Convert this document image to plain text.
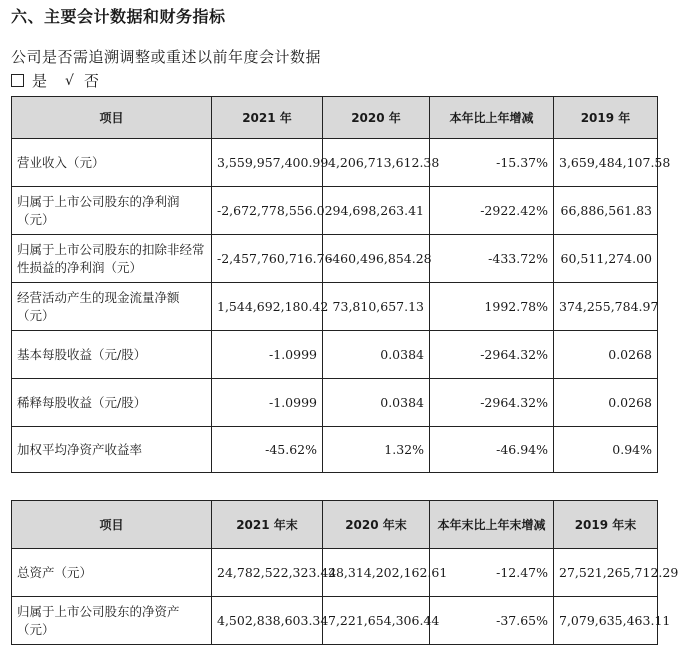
六、主要会计数据和财务指标
公司是否需追溯调整或重述以前年度会计数据
是 √ 否
项目	2021 年	2020 年	本年比上年增减	2019 年
营业收入（元）	3,559,957,400.99	4,206,713,612.38	-15.37%	3,659,484,107.58
归属于上市公司股东的净利润（元）	-2,672,778,556.02	94,698,263.41	-2922.42%	66,886,561.83
归属于上市公司股东的扣除非经常性损益的净利润（元）	-2,457,760,716.76	-460,496,854.28	-433.72%	60,511,274.00
经营活动产生的现金流量净额（元）	1,544,692,180.42	73,810,657.13	1992.78%	374,255,784.97
基本每股收益（元/股）	-1.0999	0.0384	-2964.32%	0.0268
稀释每股收益（元/股）	-1.0999	0.0384	-2964.32%	0.0268
加权平均净资产收益率	-45.62%	1.32%	-46.94%	0.94%
项目	2021 年末	2020 年末	本年末比上年末增减	2019 年末
总资产（元）	24,782,522,323.44	28,314,202,162.61	-12.47%	27,521,265,712.29
归属于上市公司股东的净资产（元）	4,502,838,603.34	7,221,654,306.44	-37.65%	7,079,635,463.11
